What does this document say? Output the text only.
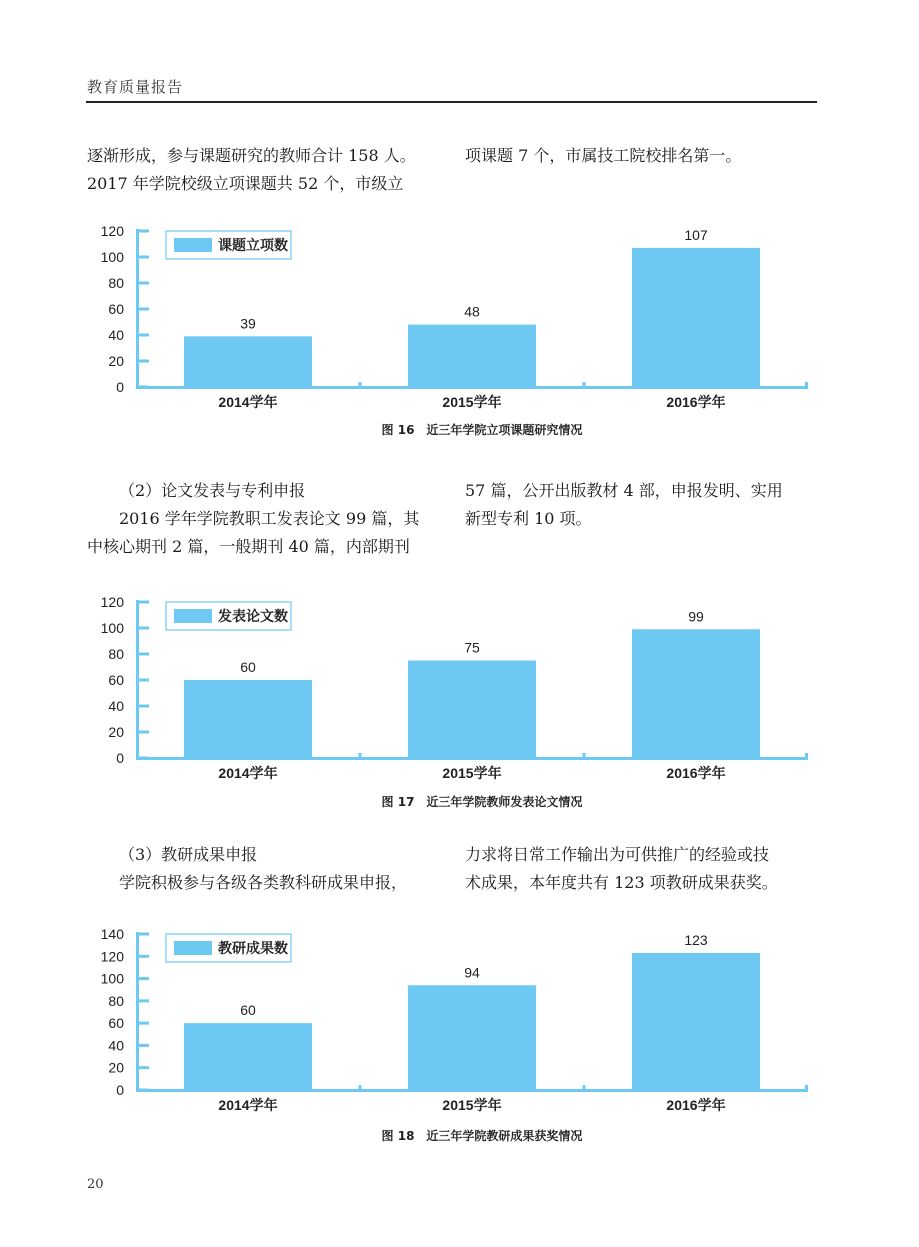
教育质量报告

逐渐形成，参与课题研究的教师合计 158 人。

2017 年学院校级立项课题共 52 个，市级立

项课题 7 个，市属技工院校排名第一。

0
20
40
60
80
100
120
39
2014学年
48
2015学年
107
2016学年
课题立项数
图 16　近三年学院立项课题研究情况

（2）论文发表与专利申报

2016 学年学院教职工发表论文 99 篇，其

中核心期刊 2 篇，一般期刊 40 篇，内部期刊

57 篇，公开出版教材 4 部，申报发明、实用

新型专利 10 项。

0
20
40
60
80
100
120
60
2014学年
75
2015学年
99
2016学年
发表论文数
图 17　近三年学院教师发表论文情况

（3）教研成果申报

学院积极参与各级各类教科研成果申报，

力求将日常工作输出为可供推广的经验或技

术成果，本年度共有 123 项教研成果获奖。

0
20
40
60
80
100
120
140
60
2014学年
94
2015学年
123
2016学年
教研成果数
图 18　近三年学院教研成果获奖情况
20
